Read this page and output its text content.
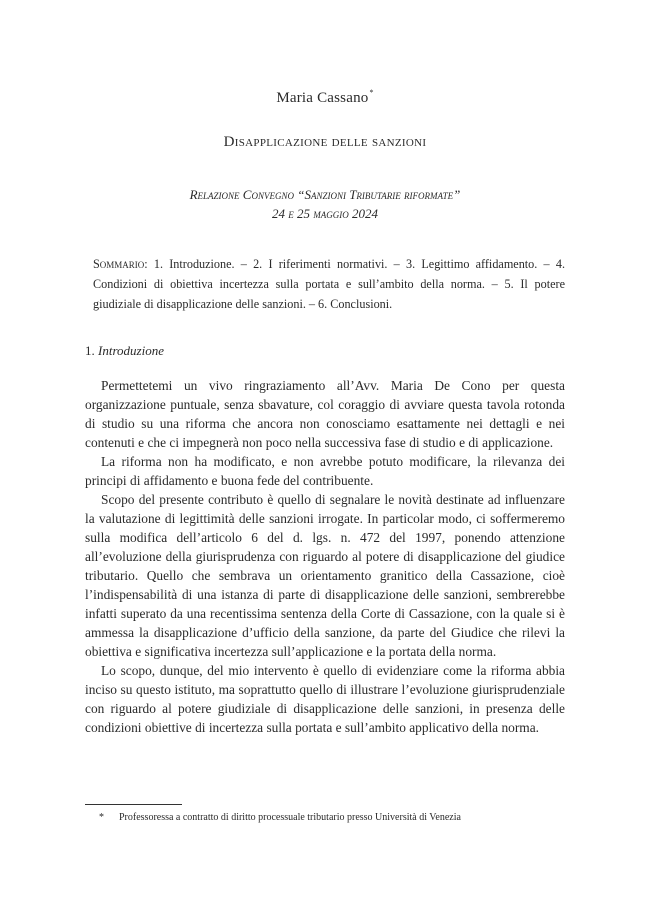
Maria Cassano*
Disapplicazione delle sanzioni
Relazione Convegno “Sanzioni Tributarie riformate”
24 e 25 maggio 2024
Sommario: 1. Introduzione. – 2. I riferimenti normativi. – 3. Legittimo affidamento. – 4. Condizioni di obiettiva incertezza sulla portata e sull’ambito della norma. – 5. Il potere giudiziale di disapplicazione delle sanzioni. – 6. Conclusioni.
1. Introduzione

Permettetemi un vivo ringraziamento all’Avv. Maria De Cono per questa organizzazione puntuale, senza sbavature, col coraggio di avviare questa tavola rotonda di studio su una riforma che ancora non conosciamo esattamente nei dettagli e nei contenuti e che ci impegnerà non poco nella successiva fase di studio e di applicazione.

La riforma non ha modificato, e non avrebbe potuto modificare, la rilevanza dei principi di affidamento e buona fede del contribuente.

Scopo del presente contributo è quello di segnalare le novità destinate ad influenzare la valutazione di legittimità delle sanzioni irrogate. In particolar modo, ci soffermeremo sulla modifica dell’articolo 6 del d. lgs. n. 472 del 1997, ponendo attenzione all’evoluzione della giurisprudenza con riguardo al potere di disapplicazione del giudice tributario. Quello che sembrava un orientamento granitico della Cassazione, cioè l’indispensabilità di una istanza di parte di disapplicazione delle sanzioni, sembrerebbe infatti superato da una recentissima sentenza della Corte di Cassazione, con la quale si è ammessa la disapplicazione d’ufficio della sanzione, da parte del Giudice che rilevi la obiettiva e significativa incertezza sull’applicazione e la portata della norma.

Lo scopo, dunque, del mio intervento è quello di evidenziare come la riforma abbia inciso su questo istituto, ma soprattutto quello di illustrare l’evoluzione giurisprudenziale con riguardo al potere giudiziale di disapplicazione delle sanzioni, in presenza delle condizioni obiettive di incertezza sulla portata e sull’ambito applicativo della norma.

* Professoressa a contratto di diritto processuale tributario presso Università di Venezia
